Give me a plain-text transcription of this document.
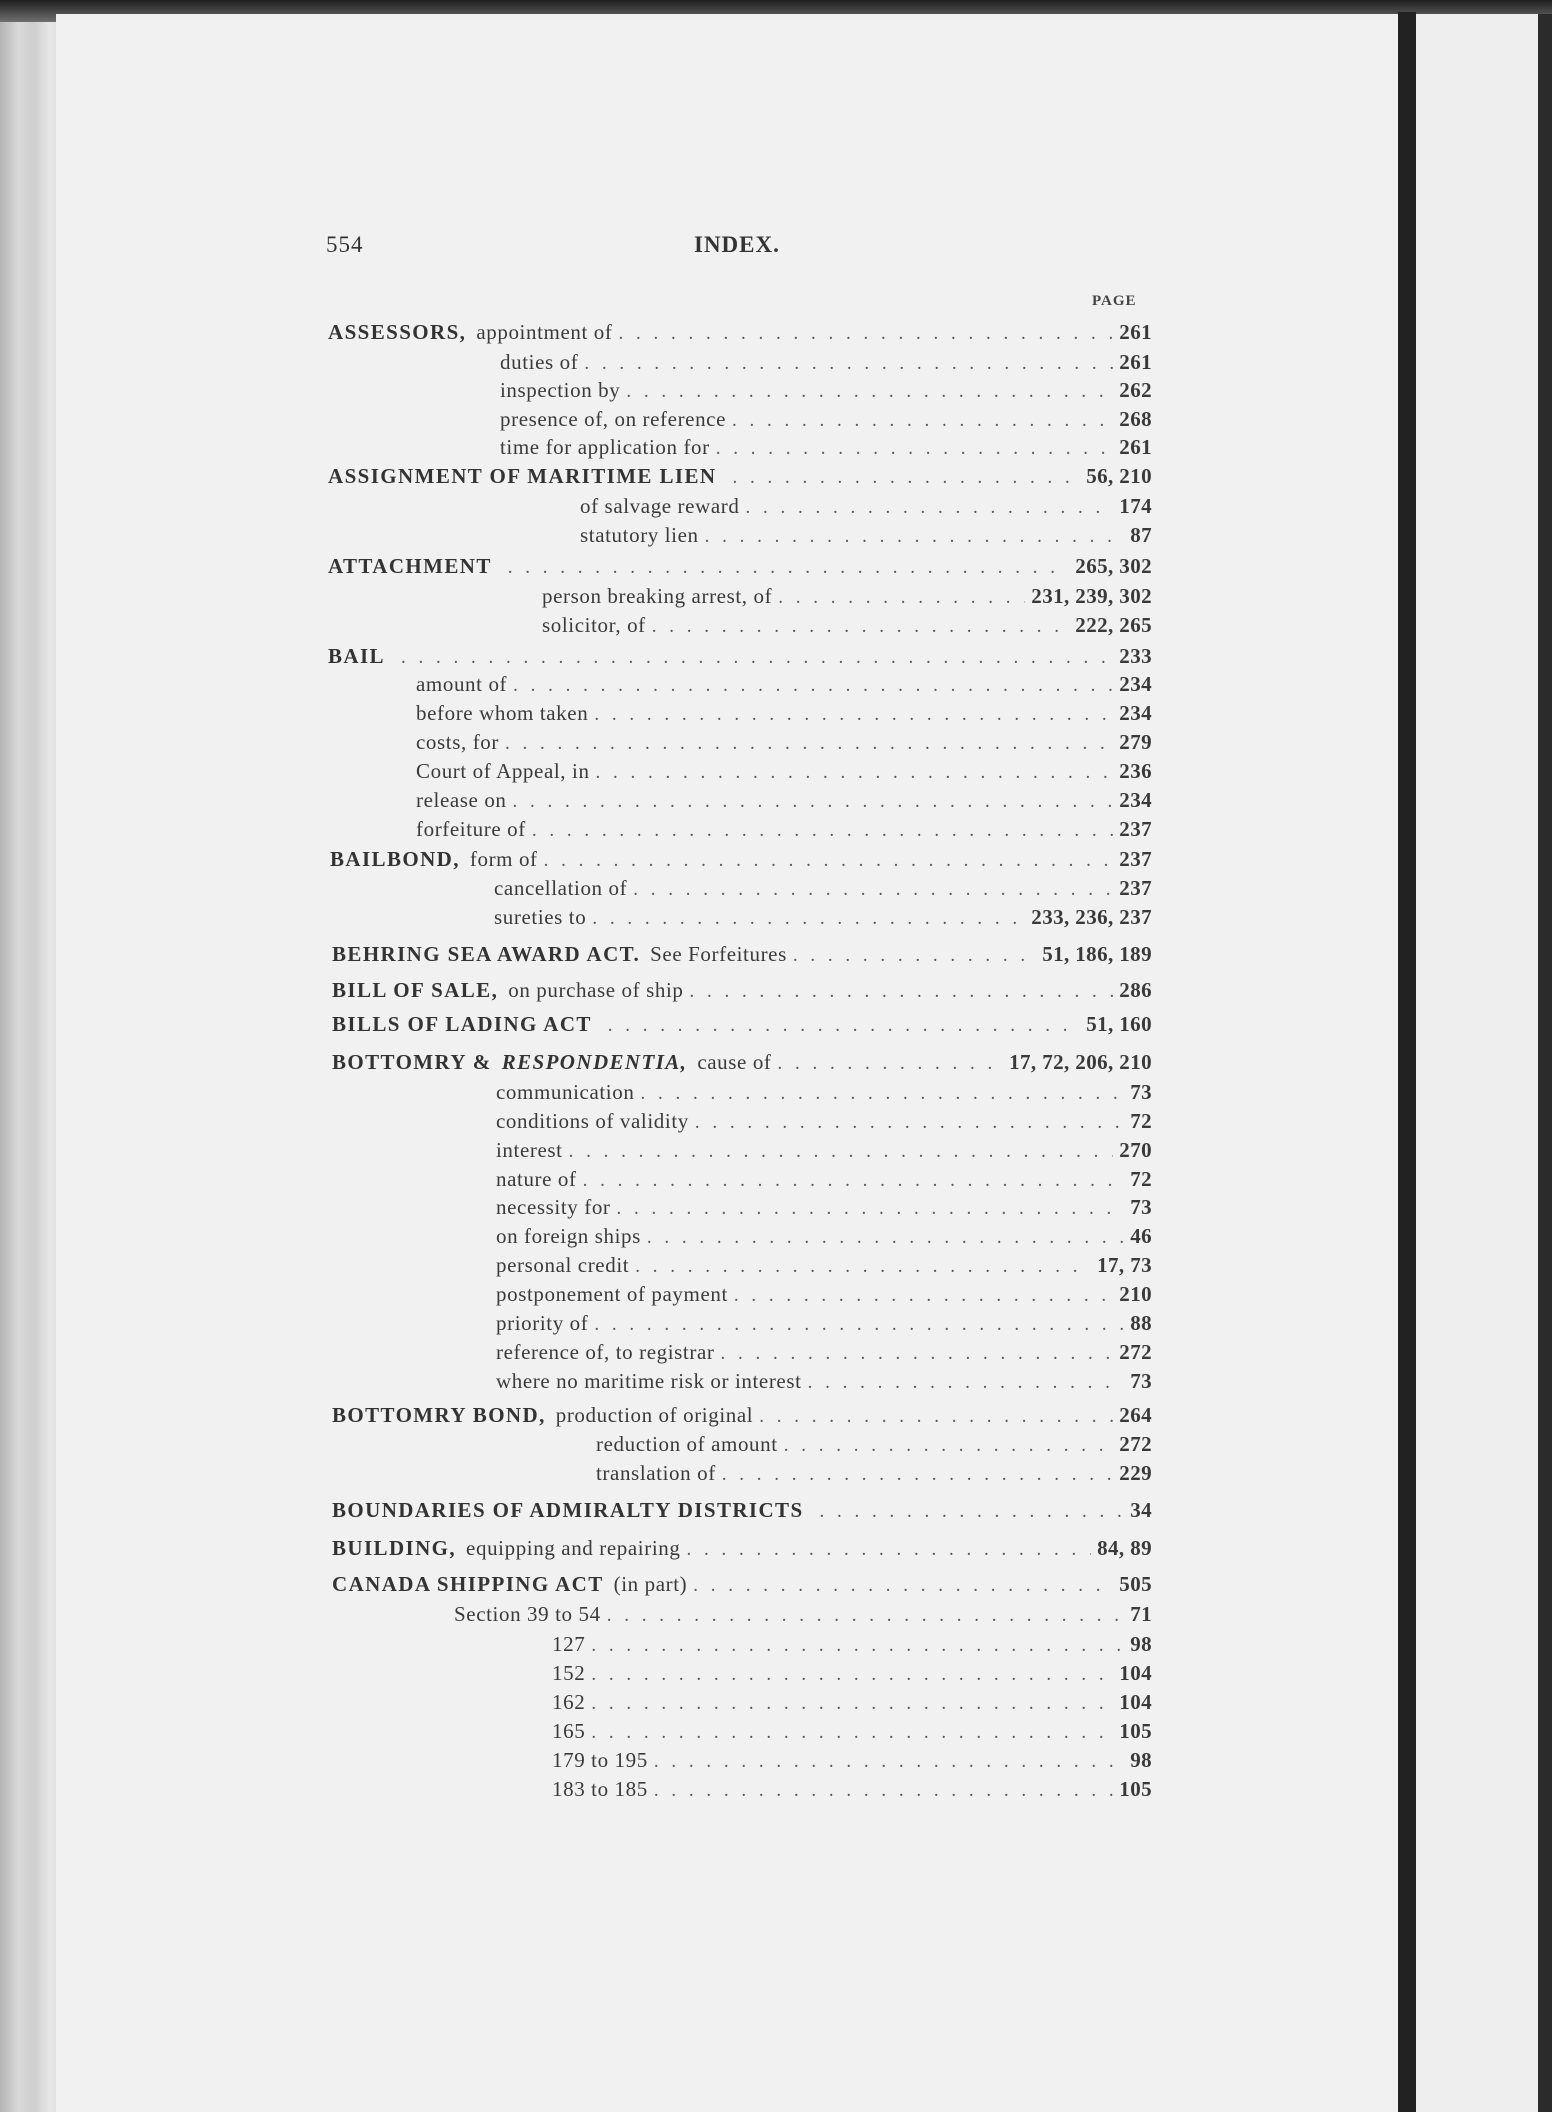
554	INDEX.
PAGE
ASSESSORS, appointment of . . .	261
duties of . . .	261
inspection by . . .	262
presence of, on reference . . .	268
time for application for . . .	261
ASSIGNMENT OF MARITIME LIEN . . .	56, 210
of salvage reward . . .	174
statutory lien . . .	87
ATTACHMENT . . .	265, 302
person breaking arrest, of . . .	231, 239, 302
solicitor, of . . .	222, 265
BAIL . . .	233
amount of . . .	234
before whom taken . . .	234
costs, for . . .	279
Court of Appeal, in . . .	236
release on . . .	234
forfeiture of . . .	237
BAILBOND, form of . . .	237
cancellation of . . .	237
sureties to . . .	233, 236, 237
BEHRING SEA AWARD ACT. See Forfeitures . . .	51, 186, 189
BILL OF SALE, on purchase of ship . . .	286
BILLS OF LADING ACT . . .	51, 160
BOTTOMRY & RESPONDENTIA, cause of . . .	17, 72, 206, 210
communication . . .	73
conditions of validity . . .	72
interest . . .	270
nature of . . .	72
necessity for . . .	73
on foreign ships . . .	46
personal credit . . .	17, 73
postponement of payment . . .	210
priority of . . .	88
reference of, to registrar . . .	272
where no maritime risk or interest . . .	73
BOTTOMRY BOND, production of original . . .	264
reduction of amount . . .	272
translation of . . .	229
BOUNDARIES OF ADMIRALTY DISTRICTS . . .	34
BUILDING, equipping and repairing . . .	84, 89
CANADA SHIPPING ACT (in part) . . .	505
Section 39 to 54 . . .	71
127 . . .	98
152 . . .	104
162 . . .	104
165 . . .	105
179 to 195 . . .	98
183 to 185 . . .	105
